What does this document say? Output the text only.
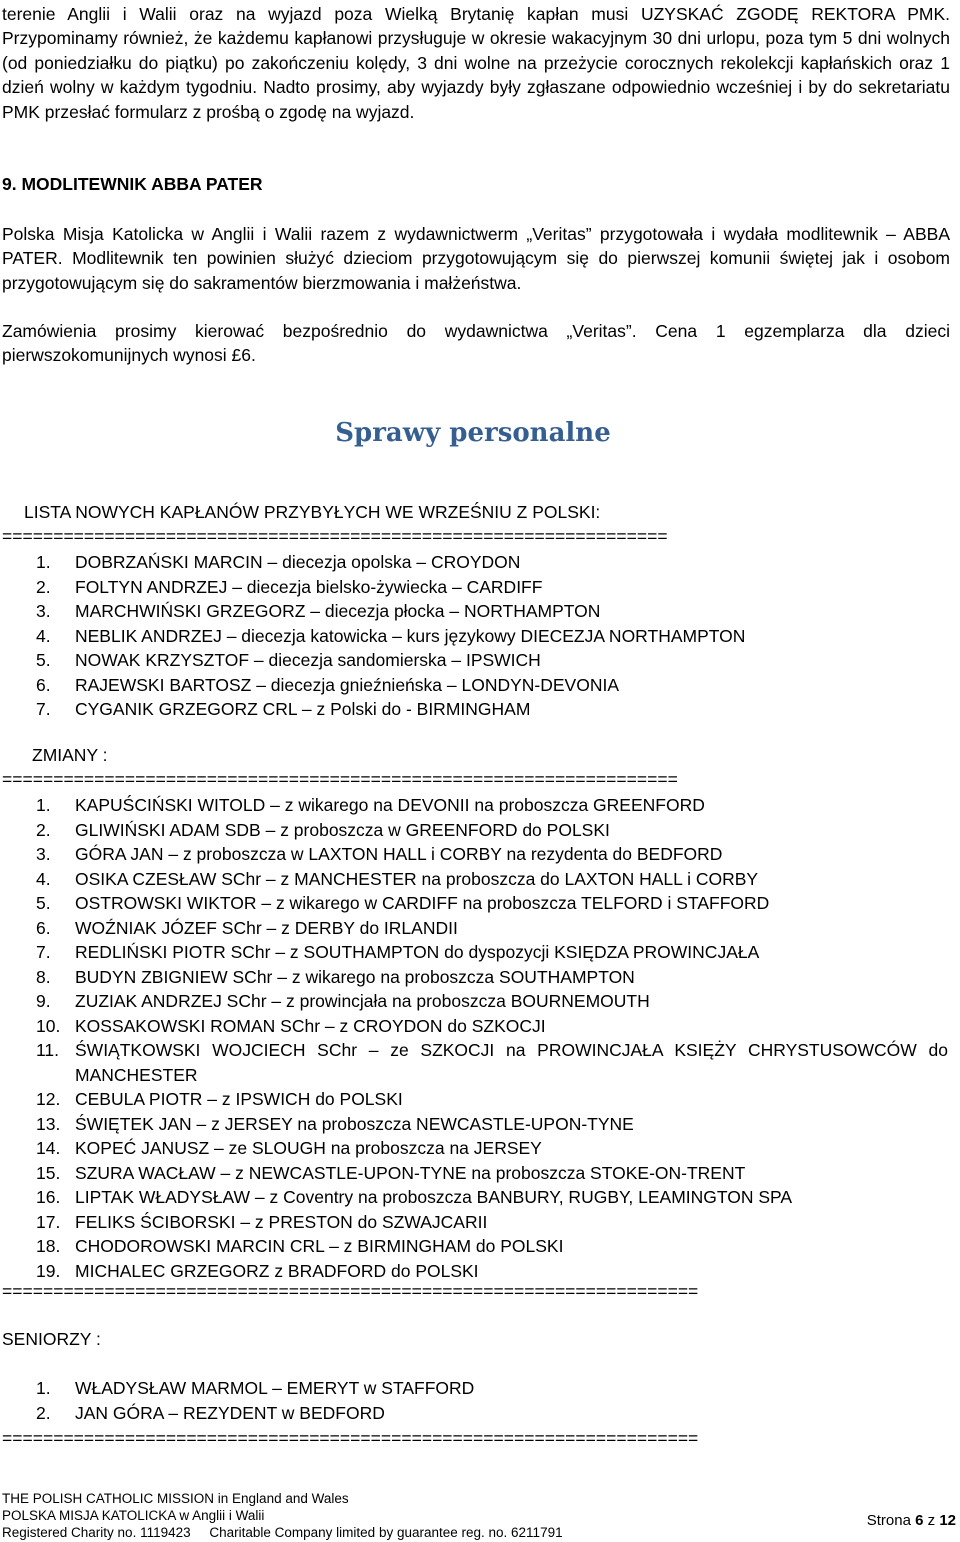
terenie Anglii i Walii oraz na wyjazd poza Wielką Brytanię kapłan musi UZYSKAĆ ZGODĘ REKTORA PMK. Przypominamy również, że każdemu kapłanowi przysługuje w okresie wakacyjnym 30 dni urlopu, poza tym 5 dni wolnych (od poniedziałku do piątku) po zakończeniu kolędy, 3 dni wolne na przeżycie corocznych rekolekcji kapłańskich oraz 1 dzień wolny w każdym tygodniu. Nadto prosimy, aby wyjazdy były zgłaszane odpowiednio wcześniej i by do sekretariatu PMK przesłać formularz z prośbą o zgodę na wyjazd.

9. MODLITEWNIK ABBA PATER

Polska Misja Katolicka w Anglii i Walii razem z wydawnictwerm „Veritas” przygotowała i wydała modlitewnik – ABBA PATER. Modlitewnik ten powinien służyć dzieciom przygotowującym się do pierwszej komunii świętej jak i osobom przygotowującym się do sakramentów bierzmowania i małżeństwa.

Zamówienia prosimy kierować bezpośrednio do wydawnictwa „Veritas”. Cena 1 egzemplarza dla dzieci pierwszokomunijnych wynosi £6.

Sprawy personalne

LISTA NOWYCH KAPŁANÓW PRZYBYŁYCH WE WRZEŚNIU Z POLSKI:

=================================================================

1. DOBRZAŃSKI MARCIN – diecezja opolska – CROYDON
2. FOLTYN ANDRZEJ – diecezja bielsko-żywiecka – CARDIFF
3. MARCHWIŃSKI GRZEGORZ – diecezja płocka – NORTHAMPTON
4. NEBLIK ANDRZEJ – diecezja katowicka – kurs językowy DIECEZJA NORTHAMPTON
5. NOWAK KRZYSZTOF – diecezja sandomierska – IPSWICH
6. RAJEWSKI BARTOSZ – diecezja gnieźnieńska – LONDYN-DEVONIA
7. CYGANIK GRZEGORZ CRL – z Polski do - BIRMINGHAM

ZMIANY :

==================================================================

1. KAPUŚCIŃSKI WITOLD – z wikarego na DEVONII na proboszcza GREENFORD
2. GLIWIŃSKI ADAM SDB – z proboszcza w GREENFORD do POLSKI
3. GÓRA JAN – z proboszcza w LAXTON HALL i CORBY na rezydenta do BEDFORD
4. OSIKA CZESŁAW SChr – z MANCHESTER na proboszcza do LAXTON HALL i CORBY
5. OSTROWSKI WIKTOR – z wikarego w CARDIFF na proboszcza TELFORD i STAFFORD
6. WOŹNIAK JÓZEF SChr – z DERBY do IRLANDII
7. REDLIŃSKI PIOTR SChr – z SOUTHAMPTON do dyspozycji KSIĘDZA PROWINCJAŁA
8. BUDYN ZBIGNIEW SChr – z wikarego na proboszcza SOUTHAMPTON
9. ZUZIAK ANDRZEJ SChr – z prowincjała na proboszcza BOURNEMOUTH
10. KOSSAKOWSKI ROMAN SChr – z CROYDON do SZKOCJI
11. ŚWIĄTKOWSKI WOJCIECH SChr – ze SZKOCJI na PROWINCJAŁA KSIĘŻY CHRYSTUSOWCÓW do MANCHESTER
12. CEBULA PIOTR – z IPSWICH do POLSKI
13. ŚWIĘTEK JAN – z JERSEY na proboszcza NEWCASTLE-UPON-TYNE
14. KOPEĆ JANUSZ – ze SLOUGH na proboszcza na JERSEY
15. SZURA WACŁAW – z NEWCASTLE-UPON-TYNE na proboszcza STOKE-ON-TRENT
16. LIPTAK WŁADYSŁAW – z Coventry na proboszcza BANBURY, RUGBY, LEAMINGTON SPA
17. FELIKS ŚCIBORSKI – z PRESTON do SZWAJCARII
18. CHODOROWSKI MARCIN CRL – z BIRMINGHAM do POLSKI
19. MICHALEC GRZEGORZ z BRADFORD do POLSKI

====================================================================

SENIORZY :

1. WŁADYSŁAW MARMOL – EMERYT w STAFFORD
2. JAN GÓRA – REZYDENT w BEDFORD

====================================================================

THE POLISH CATHOLIC MISSION in England and Wales

POLSKA MISJA KATOLICKA w Anglii i Walii

Registered Charity no. 1119423     Charitable Company limited by guarantee reg. no. 6211791

Strona 6 z 12
